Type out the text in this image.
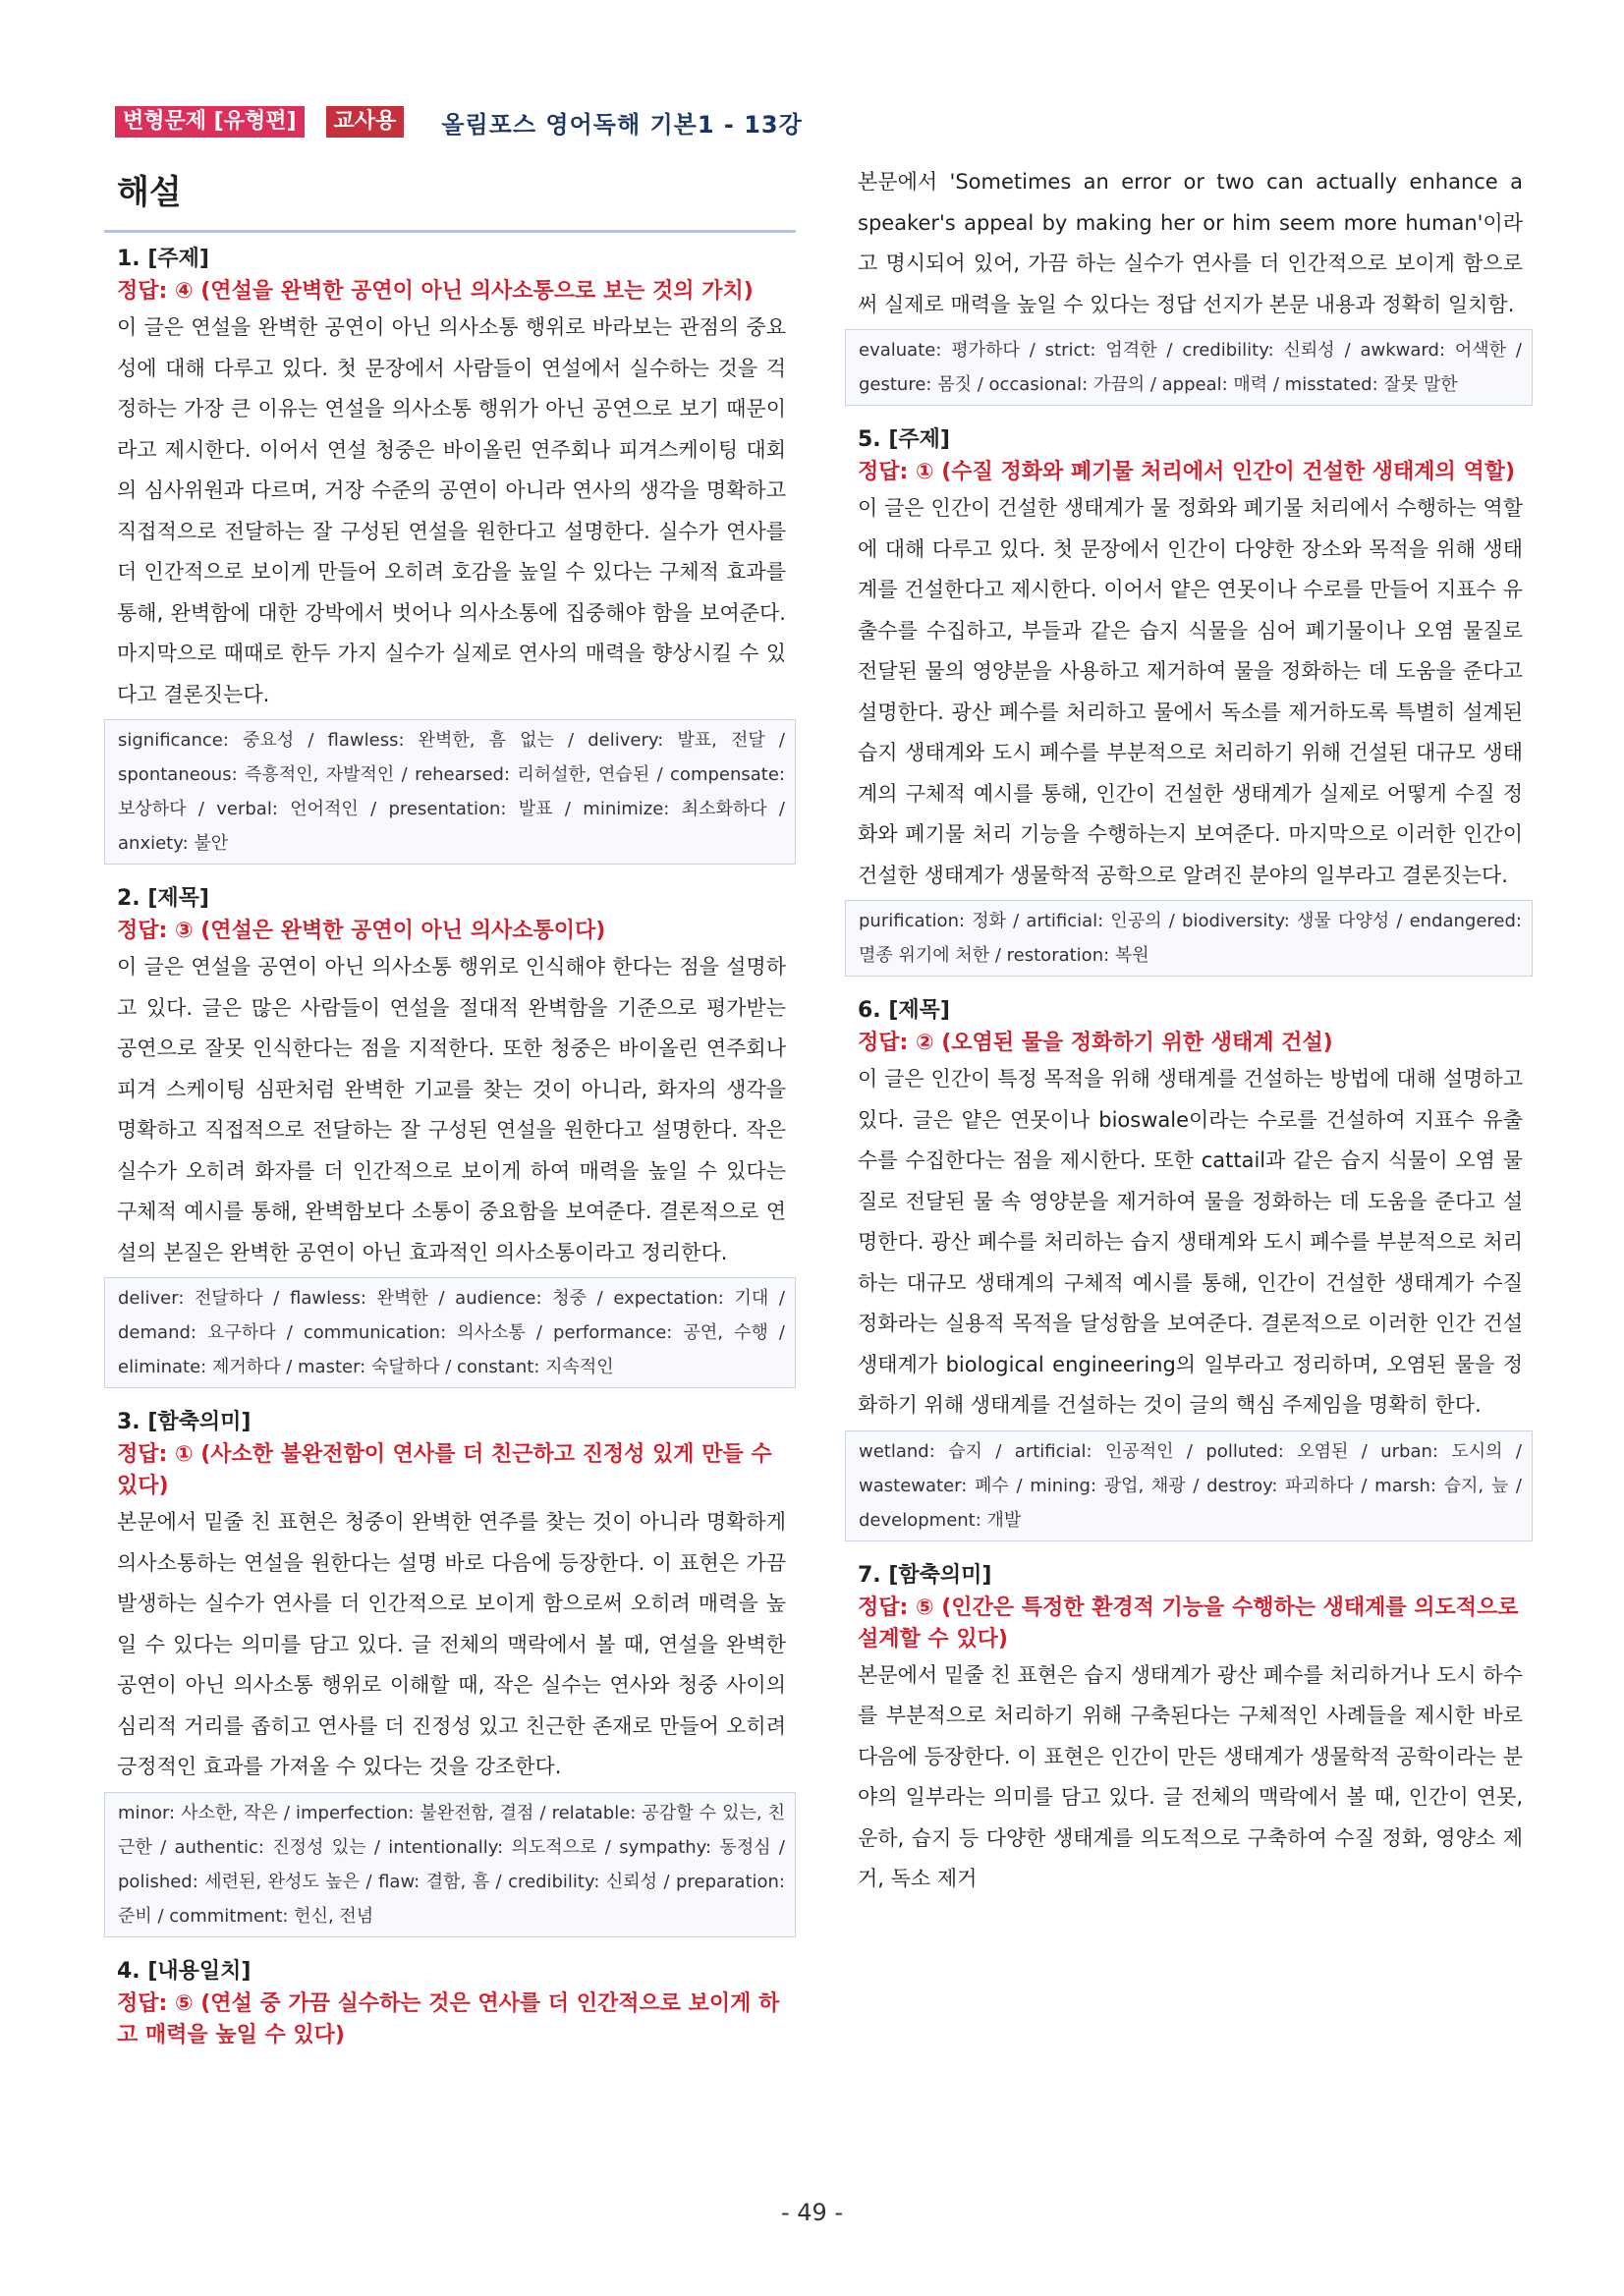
변형문제 [유형편]	교사용	올림포스 영어독해 기본1 - 13강
해설
1. [주제]
정답: ④ (연설을 완벽한 공연이 아닌 의사소통으로 보는 것의 가치)
이 글은 연설을 완벽한 공연이 아닌 의사소통 행위로 바라보는 관점의 중요성에 대해 다루고 있다. 첫 문장에서 사람들이 연설에서 실수하는 것을 걱정하는 가장 큰 이유는 연설을 의사소통 행위가 아닌 공연으로 보기 때문이라고 제시한다. 이어서 연설 청중은 바이올린 연주회나 피겨스케이팅 대회의 심사위원과 다르며, 거장 수준의 공연이 아니라 연사의 생각을 명확하고 직접적으로 전달하는 잘 구성된 연설을 원한다고 설명한다. 실수가 연사를 더 인간적으로 보이게 만들어 오히려 호감을 높일 수 있다는 구체적 효과를 통해, 완벽함에 대한 강박에서 벗어나 의사소통에 집중해야 함을 보여준다. 마지막으로 때때로 한두 가지 실수가 실제로 연사의 매력을 향상시킬 수 있다고 결론짓는다.
significance: 중요성 / flawless: 완벽한, 흠 없는 / delivery: 발표, 전달 / spontaneous: 즉흥적인, 자발적인 / rehearsed: 리허설한, 연습된 / compensate: 보상하다 / verbal: 언어적인 / presentation: 발표 / minimize: 최소화하다 / anxiety: 불안
2. [제목]
정답: ③ (연설은 완벽한 공연이 아닌 의사소통이다)
이 글은 연설을 공연이 아닌 의사소통 행위로 인식해야 한다는 점을 설명하고 있다. 글은 많은 사람들이 연설을 절대적 완벽함을 기준으로 평가받는 공연으로 잘못 인식한다는 점을 지적한다. 또한 청중은 바이올린 연주회나 피겨 스케이팅 심판처럼 완벽한 기교를 찾는 것이 아니라, 화자의 생각을 명확하고 직접적으로 전달하는 잘 구성된 연설을 원한다고 설명한다. 작은 실수가 오히려 화자를 더 인간적으로 보이게 하여 매력을 높일 수 있다는 구체적 예시를 통해, 완벽함보다 소통이 중요함을 보여준다. 결론적으로 연설의 본질은 완벽한 공연이 아닌 효과적인 의사소통이라고 정리한다.
deliver: 전달하다 / flawless: 완벽한 / audience: 청중 / expectation: 기대 / demand: 요구하다 / communication: 의사소통 / performance: 공연, 수행 / eliminate: 제거하다 / master: 숙달하다 / constant: 지속적인
3. [함축의미]
정답: ① (사소한 불완전함이 연사를 더 친근하고 진정성 있게 만들 수 있다)
본문에서 밑줄 친 표현은 청중이 완벽한 연주를 찾는 것이 아니라 명확하게 의사소통하는 연설을 원한다는 설명 바로 다음에 등장한다. 이 표현은 가끔 발생하는 실수가 연사를 더 인간적으로 보이게 함으로써 오히려 매력을 높일 수 있다는 의미를 담고 있다. 글 전체의 맥락에서 볼 때, 연설을 완벽한 공연이 아닌 의사소통 행위로 이해할 때, 작은 실수는 연사와 청중 사이의 심리적 거리를 좁히고 연사를 더 진정성 있고 친근한 존재로 만들어 오히려 긍정적인 효과를 가져올 수 있다는 것을 강조한다.
minor: 사소한, 작은 / imperfection: 불완전함, 결점 / relatable: 공감할 수 있는, 친근한 / authentic: 진정성 있는 / intentionally: 의도적으로 / sympathy: 동정심 / polished: 세련된, 완성도 높은 / flaw: 결함, 흠 / credibility: 신뢰성 / preparation: 준비 / commitment: 헌신, 전념
4. [내용일치]
정답: ⑤ (연설 중 가끔 실수하는 것은 연사를 더 인간적으로 보이게 하고 매력을 높일 수 있다)
본문에서 'Sometimes an error or two can actually enhance a speaker's appeal by making her or him seem more human'이라고 명시되어 있어, 가끔 하는 실수가 연사를 더 인간적으로 보이게 함으로써 실제로 매력을 높일 수 있다는 정답 선지가 본문 내용과 정확히 일치함.
evaluate: 평가하다 / strict: 엄격한 / credibility: 신뢰성 / awkward: 어색한 / gesture: 몸짓 / occasional: 가끔의 / appeal: 매력 / misstated: 잘못 말한
5. [주제]
정답: ① (수질 정화와 폐기물 처리에서 인간이 건설한 생태계의 역할)
이 글은 인간이 건설한 생태계가 물 정화와 폐기물 처리에서 수행하는 역할에 대해 다루고 있다. 첫 문장에서 인간이 다양한 장소와 목적을 위해 생태계를 건설한다고 제시한다. 이어서 얕은 연못이나 수로를 만들어 지표수 유출수를 수집하고, 부들과 같은 습지 식물을 심어 폐기물이나 오염 물질로 전달된 물의 영양분을 사용하고 제거하여 물을 정화하는 데 도움을 준다고 설명한다. 광산 폐수를 처리하고 물에서 독소를 제거하도록 특별히 설계된 습지 생태계와 도시 폐수를 부분적으로 처리하기 위해 건설된 대규모 생태계의 구체적 예시를 통해, 인간이 건설한 생태계가 실제로 어떻게 수질 정화와 폐기물 처리 기능을 수행하는지 보여준다. 마지막으로 이러한 인간이 건설한 생태계가 생물학적 공학으로 알려진 분야의 일부라고 결론짓는다.
purification: 정화 / artificial: 인공의 / biodiversity: 생물 다양성 / endangered: 멸종 위기에 처한 / restoration: 복원
6. [제목]
정답: ② (오염된 물을 정화하기 위한 생태계 건설)
이 글은 인간이 특정 목적을 위해 생태계를 건설하는 방법에 대해 설명하고 있다. 글은 얕은 연못이나 bioswale이라는 수로를 건설하여 지표수 유출수를 수집한다는 점을 제시한다. 또한 cattail과 같은 습지 식물이 오염 물질로 전달된 물 속 영양분을 제거하여 물을 정화하는 데 도움을 준다고 설명한다. 광산 폐수를 처리하는 습지 생태계와 도시 폐수를 부분적으로 처리하는 대규모 생태계의 구체적 예시를 통해, 인간이 건설한 생태계가 수질 정화라는 실용적 목적을 달성함을 보여준다. 결론적으로 이러한 인간 건설 생태계가 biological engineering의 일부라고 정리하며, 오염된 물을 정화하기 위해 생태계를 건설하는 것이 글의 핵심 주제임을 명확히 한다.
wetland: 습지 / artificial: 인공적인 / polluted: 오염된 / urban: 도시의 / wastewater: 폐수 / mining: 광업, 채광 / destroy: 파괴하다 / marsh: 습지, 늪 / development: 개발
7. [함축의미]
정답: ⑤ (인간은 특정한 환경적 기능을 수행하는 생태계를 의도적으로 설계할 수 있다)
본문에서 밑줄 친 표현은 습지 생태계가 광산 폐수를 처리하거나 도시 하수를 부분적으로 처리하기 위해 구축된다는 구체적인 사례들을 제시한 바로 다음에 등장한다. 이 표현은 인간이 만든 생태계가 생물학적 공학이라는 분야의 일부라는 의미를 담고 있다. 글 전체의 맥락에서 볼 때, 인간이 연못, 운하, 습지 등 다양한 생태계를 의도적으로 구축하여 수질 정화, 영양소 제거, 독소 제거
- 49 -
